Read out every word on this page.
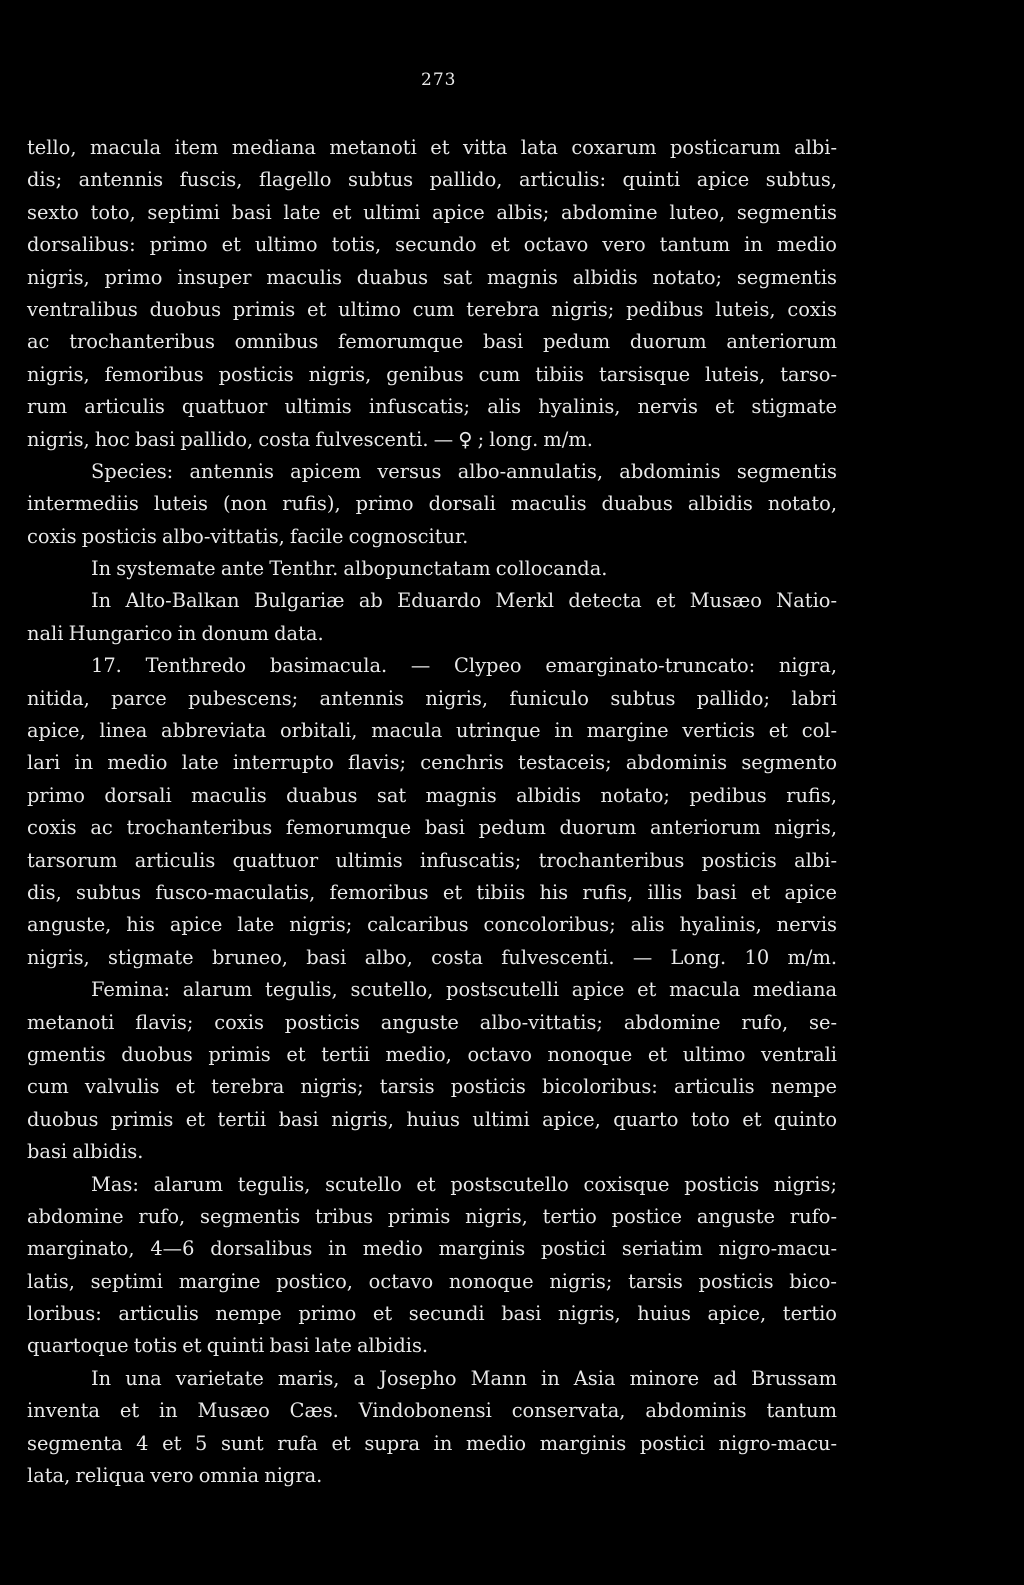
273
tello, macula item mediana metanoti et vitta lata coxarum posticarum albi-
dis; antennis fuscis, flagello subtus pallido, articulis: quinti apice subtus,
sexto toto, septimi basi late et ultimi apice albis; abdomine luteo, segmentis
dorsalibus: primo et ultimo totis, secundo et octavo vero tantum in medio
nigris, primo insuper maculis duabus sat magnis albidis notato; segmentis
ventralibus duobus primis et ultimo cum terebra nigris; pedibus luteis, coxis
ac trochanteribus omnibus femorumque basi pedum duorum anteriorum
nigris, femoribus posticis nigris, genibus cum tibiis tarsisque luteis, tarso-
rum articulis quattuor ultimis infuscatis; alis hyalinis, nervis et stigmate
nigris, hoc basi pallido, costa fulvescenti. — ♀ ; long. m/m.
Species: antennis apicem versus albo-annulatis, abdominis segmentis
intermediis luteis (non rufis), primo dorsali maculis duabus albidis notato,
coxis posticis albo-vittatis, facile cognoscitur.
In systemate ante Tenthr. albopunctatam collocanda.
In Alto-Balkan Bulgariæ ab Eduardo Merkl detecta et Musæo Natio-
nali Hungarico in donum data.
17. Tenthredo basimacula. — Clypeo emarginato-truncato: nigra,
nitida, parce pubescens; antennis nigris, funiculo subtus pallido; labri
apice, linea abbreviata orbitali, macula utrinque in margine verticis et col-
lari in medio late interrupto flavis; cenchris testaceis; abdominis segmento
primo dorsali maculis duabus sat magnis albidis notato; pedibus rufis,
coxis ac trochanteribus femorumque basi pedum duorum anteriorum nigris,
tarsorum articulis quattuor ultimis infuscatis; trochanteribus posticis albi-
dis, subtus fusco-maculatis, femoribus et tibiis his rufis, illis basi et apice
anguste, his apice late nigris; calcaribus concoloribus; alis hyalinis, nervis
nigris, stigmate bruneo, basi albo, costa fulvescenti. — Long. 10 m/m.
Femina: alarum tegulis, scutello, postscutelli apice et macula mediana
metanoti flavis; coxis posticis anguste albo-vittatis; abdomine rufo, se-
gmentis duobus primis et tertii medio, octavo nonoque et ultimo ventrali
cum valvulis et terebra nigris; tarsis posticis bicoloribus: articulis nempe
duobus primis et tertii basi nigris, huius ultimi apice, quarto toto et quinto
basi albidis.
Mas: alarum tegulis, scutello et postscutello coxisque posticis nigris;
abdomine rufo, segmentis tribus primis nigris, tertio postice anguste rufo-
marginato, 4—6 dorsalibus in medio marginis postici seriatim nigro-macu-
latis, septimi margine postico, octavo nonoque nigris; tarsis posticis bico-
loribus: articulis nempe primo et secundi basi nigris, huius apice, tertio
quartoque totis et quinti basi late albidis.
In una varietate maris, a Josepho Mann in Asia minore ad Brussam
inventa et in Musæo Cæs. Vindobonensi conservata, abdominis tantum
segmenta 4 et 5 sunt rufa et supra in medio marginis postici nigro-macu-
lata, reliqua vero omnia nigra.
